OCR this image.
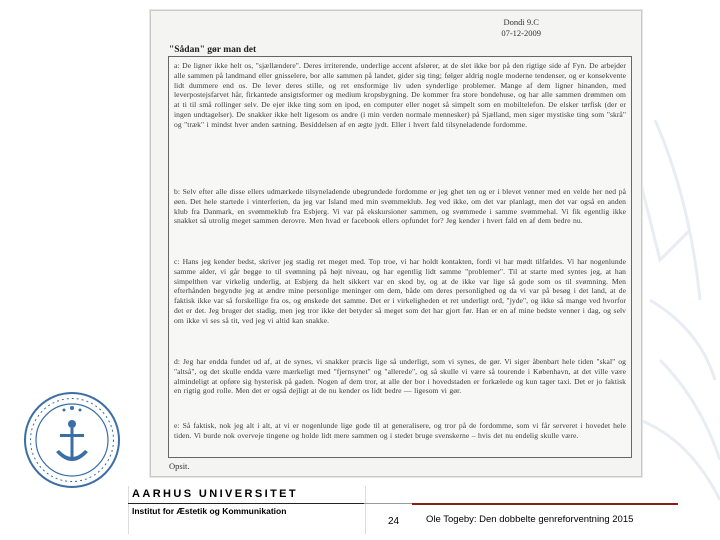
Dondi 9.C
07-12-2009
"Sådan" gør man det
a: De ligner ikke helt os, "sjællændere". Deres irriterende, underlige accent afslører, at de slet ikke bor på den rigtige side af Fyn. De arbejder alle sammen på landmand eller gnisselere, bor alle sammen på landet, gider sig ting; følger aldrig nogle moderne tendenser, og er konsekvente lidt dummere end os. De lever deres stille, og ret ensformige liv uden synderlige problemer. Mange af dem ligner hinanden, med leverpostejsfarvet hår, firkantede ansigtsformer og medium kropsbygning. De kommer fra store bondehuse, og har alle sammen drømmen om at ti til små rollinger selv. De ejer ikke ting som en ipod, en computer eller noget så simpelt som en mobiltelefon. De elsker tørfisk (der er ingen undtagelser). De snakker ikke helt ligesom os andre (i min verden normale mennesker) på Sjælland, men siger mystiske ting som "skrå" og "træk" i mindst hver anden sætning. Besiddelsen af en ægte jydt. Eller i hvert fald tilsyneladende fordomme.
b: Selv efter alle disse ellers udmærkede tilsyneladende ubegrundede fordomme er jeg ghet ten og er i blevet venner med en velde her ned på øen. Det hele startede i vinterferien, da jeg var Island med min svømmeklub. Jeg ved ikke, om det var planlagt, men det var også en anden klub fra Danmark, en svømmeklub fra Esbjerg. Vi var på ekskursioner sammen, og svømmede i samme svømmehal. Vi fik egentlig ikke snakket så utrolig meget sammen derovre. Men hvad er facebook ellers opfundet for? Jeg kender i hvert fald en af dem bedre nu.
c: Hans jeg kender bedst, skriver jeg stadig ret meget med. Top troe, vi har holdt kontakten, fordi vi har mødt tilfældes. Vi har nogenlunde samme alder, vi går begge to til svømning på højt niveau, og har egentlig lidt samme "problemer". Til at starte med syntes jeg, at han simpelthen var virkelig underlig, at Esbjerg da helt sikkert var en skod by, og at de ikke var lige så gode som os til svømning. Men efterhånden begyndte jeg at ændre mine personlige meninger om dem, både om deres personlighed og da vi var på besøg i det land, at de faktisk ikke var så forskellige fra os, og ønskede det samme. Det er i virkeligheden et ret underligt ord, "jyde", og ikke så mange ved hvorfor det er det. Jeg bruger det stadig, men jeg tror ikke det betyder så meget som det har gjort før. Han er en af mine bedste venner i dag, og selv om ikke vi ses så tit, ved jeg vi altid kan snakke.
d: Jeg har endda fundet ud af, at de synes, vi snakker præcis lige så underligt, som vi synes, de gør. Vi siger åbenbart hele tiden "skal" og "altså", og det skulle endda være mærkeligt med "fjernsynet" og "allerede", og så skulle vi være så tourende i København, at det ville være almindeligt at opføre sig hysterisk på gaden. Nogen af dem tror, at alle der bor i hovedstaden er forkælede og kun tager taxi. Det er jo faktisk en rigtig god rolle. Men det er også dejligt at de nu kender os lidt bedre — ligesom vi gør.
e: Så faktisk, nok jeg alt i alt, at vi er nogenlunde lige gode til at generalisere, og tror på de fordomme, som vi får serveret i hovedet hele tiden. Vi burde nok overveje tingene og holde lidt mere sammen og i stedet bruge svenskerne – hvis det nu endelig skulle være.
Opsit.
AARHUS UNIVERSITET
Institut for Æstetik og Kommunikation
24	Ole Togeby: Den dobbelte genreforventning 2015
